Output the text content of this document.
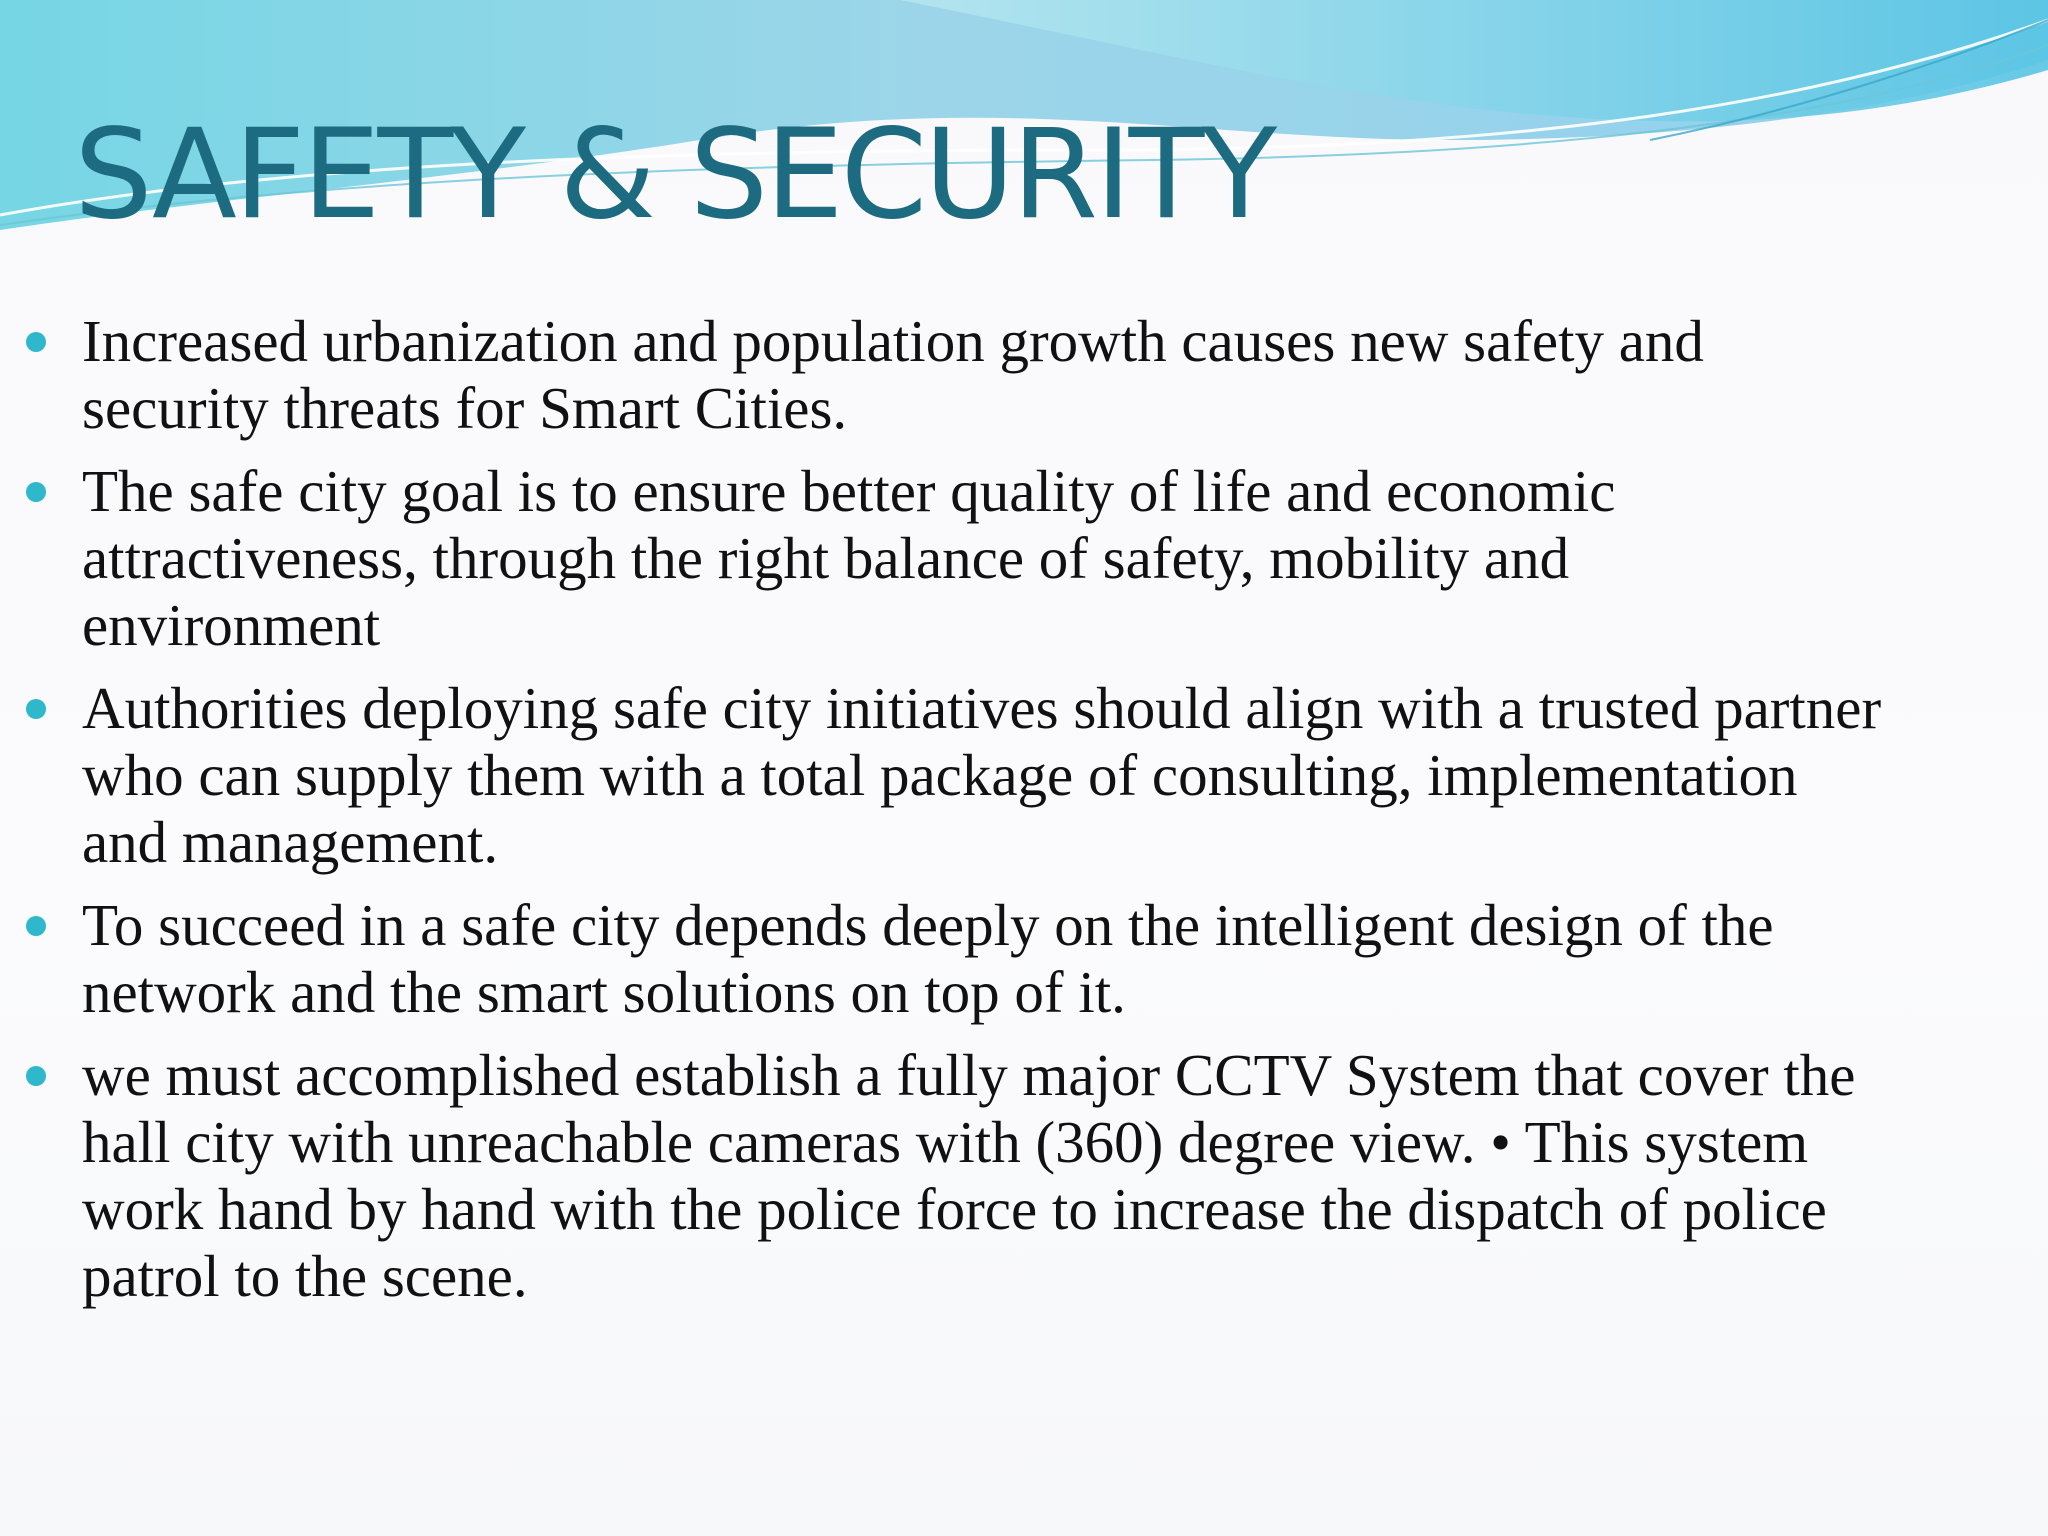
SAFETY & SECURITY
Increased urbanization and population growth causes new safety and security threats for Smart Cities.
The safe city goal is to ensure better quality of life and economic attractiveness, through the right balance of safety, mobility and environment
Authorities deploying safe city initiatives should align with a trusted partner who can supply them with a total package of consulting, implementation and management.
To succeed in a safe city depends deeply on the intelligent design of the network and the smart solutions on top of it.
we must accomplished establish a fully major CCTV System that cover the hall city with unreachable cameras with (360) degree view. • This system work hand by hand with the police force to increase the dispatch of police patrol to the scene.
